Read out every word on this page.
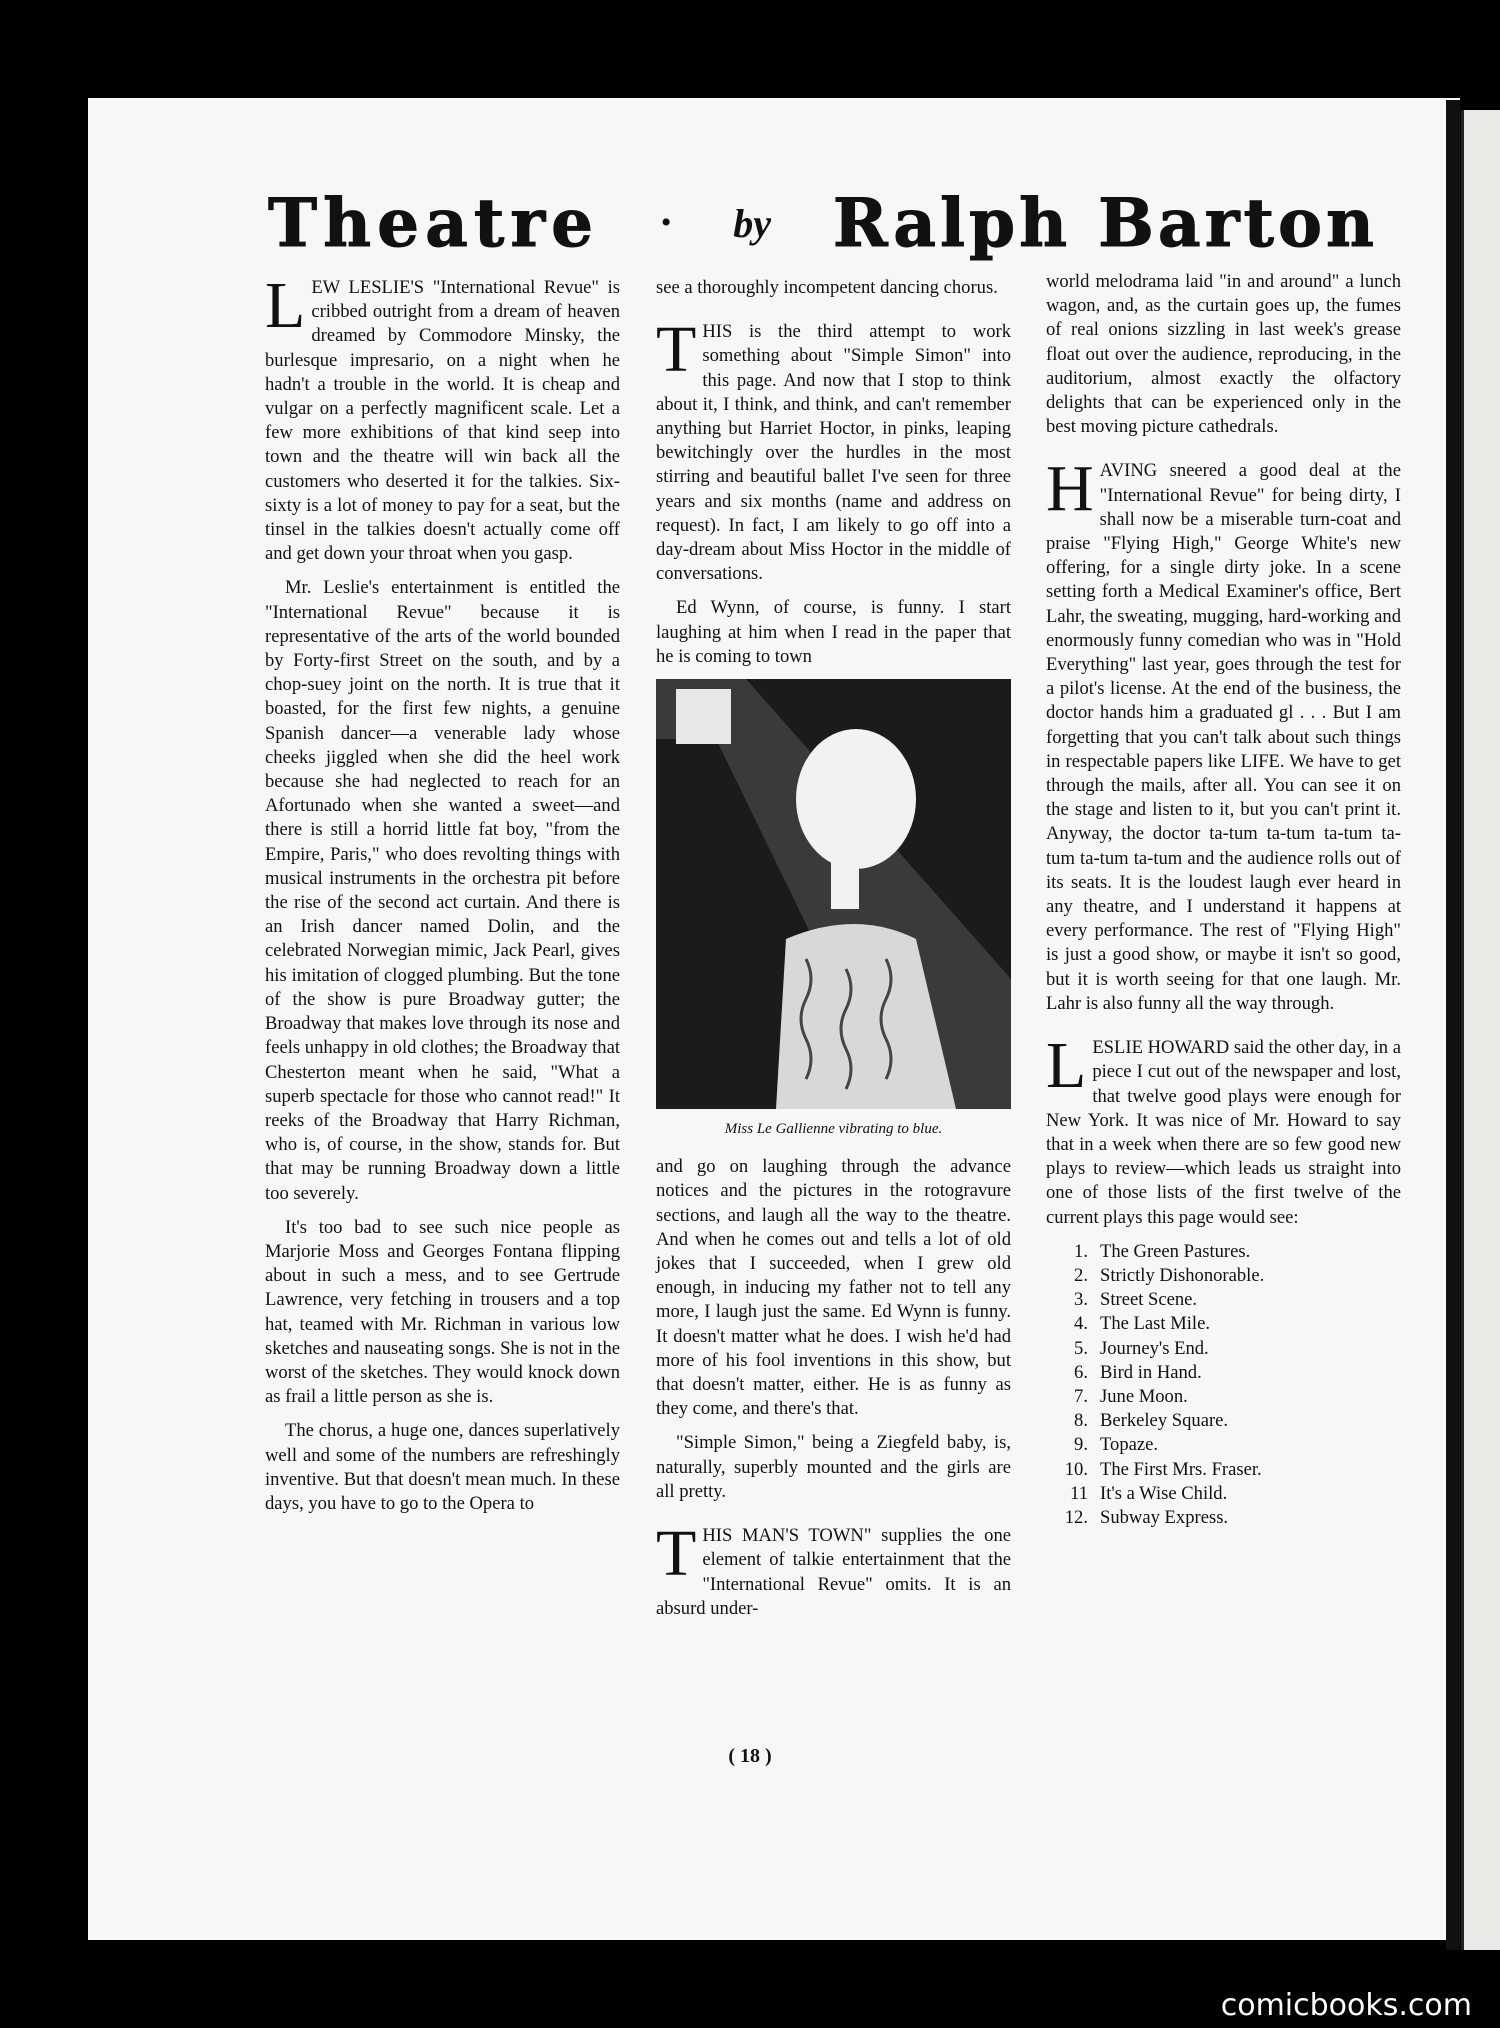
Theatre • by Ralph Barton

LEW LESLIE'S "International Revue" is cribbed outright from a dream of heaven dreamed by Commodore Minsky, the burlesque impresario, on a night when he hadn't a trouble in the world. It is cheap and vulgar on a perfectly magnificent scale. Let a few more exhibitions of that kind seep into town and the theatre will win back all the customers who deserted it for the talkies. Six-sixty is a lot of money to pay for a seat, but the tinsel in the talkies doesn't actually come off and get down your throat when you gasp.

Mr. Leslie's entertainment is entitled the "International Revue" because it is representative of the arts of the world bounded by Forty-first Street on the south, and by a chop-suey joint on the north. It is true that it boasted, for the first few nights, a genuine Spanish dancer—a venerable lady whose cheeks jiggled when she did the heel work because she had neglected to reach for an Afortunado when she wanted a sweet—and there is still a horrid little fat boy, "from the Empire, Paris," who does revolting things with musical instruments in the orchestra pit before the rise of the second act curtain. And there is an Irish dancer named Dolin, and the celebrated Norwegian mimic, Jack Pearl, gives his imitation of clogged plumbing. But the tone of the show is pure Broadway gutter; the Broadway that makes love through its nose and feels unhappy in old clothes; the Broadway that Chesterton meant when he said, "What a superb spectacle for those who cannot read!" It reeks of the Broadway that Harry Richman, who is, of course, in the show, stands for. But that may be running Broadway down a little too severely.

It's too bad to see such nice people as Marjorie Moss and Georges Fontana flipping about in such a mess, and to see Gertrude Lawrence, very fetching in trousers and a top hat, teamed with Mr. Richman in various low sketches and nauseating songs. She is not in the worst of the sketches. They would knock down as frail a little person as she is.

The chorus, a huge one, dances superlatively well and some of the numbers are refreshingly inventive. But that doesn't mean much. In these days, you have to go to the Opera to

see a thoroughly incompetent dancing chorus.

THIS is the third attempt to work something about "Simple Simon" into this page. And now that I stop to think about it, I think, and think, and can't remember anything but Harriet Hoctor, in pinks, leaping bewitchingly over the hurdles in the most stirring and beautiful ballet I've seen for three years and six months (name and address on request). In fact, I am likely to go off into a day-dream about Miss Hoctor in the middle of conversations.

Ed Wynn, of course, is funny. I start laughing at him when I read in the paper that he is coming to town

Miss Le Gallienne vibrating to blue.

and go on laughing through the advance notices and the pictures in the rotogravure sections, and laugh all the way to the theatre. And when he comes out and tells a lot of old jokes that I succeeded, when I grew old enough, in inducing my father not to tell any more, I laugh just the same. Ed Wynn is funny. It doesn't matter what he does. I wish he'd had more of his fool inventions in this show, but that doesn't matter, either. He is as funny as they come, and there's that.

"Simple Simon," being a Ziegfeld baby, is, naturally, superbly mounted and the girls are all pretty.

THIS MAN'S TOWN" supplies the one element of talkie entertainment that the "International Revue" omits. It is an absurd under-

world melodrama laid "in and around" a lunch wagon, and, as the curtain goes up, the fumes of real onions sizzling in last week's grease float out over the audience, reproducing, in the auditorium, almost exactly the olfactory delights that can be experienced only in the best moving picture cathedrals.

HAVING sneered a good deal at the "International Revue" for being dirty, I shall now be a miserable turn-coat and praise "Flying High," George White's new offering, for a single dirty joke. In a scene setting forth a Medical Examiner's office, Bert Lahr, the sweating, mugging, hard-working and enormously funny comedian who was in "Hold Everything" last year, goes through the test for a pilot's license. At the end of the business, the doctor hands him a graduated gl . . . But I am forgetting that you can't talk about such things in respectable papers like LIFE. We have to get through the mails, after all. You can see it on the stage and listen to it, but you can't print it. Anyway, the doctor ta-tum ta-tum ta-tum ta-tum ta-tum ta-tum and the audience rolls out of its seats. It is the loudest laugh ever heard in any theatre, and I understand it happens at every performance. The rest of "Flying High" is just a good show, or maybe it isn't so good, but it is worth seeing for that one laugh. Mr. Lahr is also funny all the way through.

LESLIE HOWARD said the other day, in a piece I cut out of the newspaper and lost, that twelve good plays were enough for New York. It was nice of Mr. Howard to say that in a week when there are so few good new plays to review—which leads us straight into one of those lists of the first twelve of the current plays this page would see:

1. The Green Pastures.
2. Strictly Dishonorable.
3. Street Scene.
4. The Last Mile.
5. Journey's End.
6. Bird in Hand.
7. June Moon.
8. Berkeley Square.
9. Topaze.
10. The First Mrs. Fraser.
11 It's a Wise Child.
12. Subway Express.
( 18 )
comicbooks.com
